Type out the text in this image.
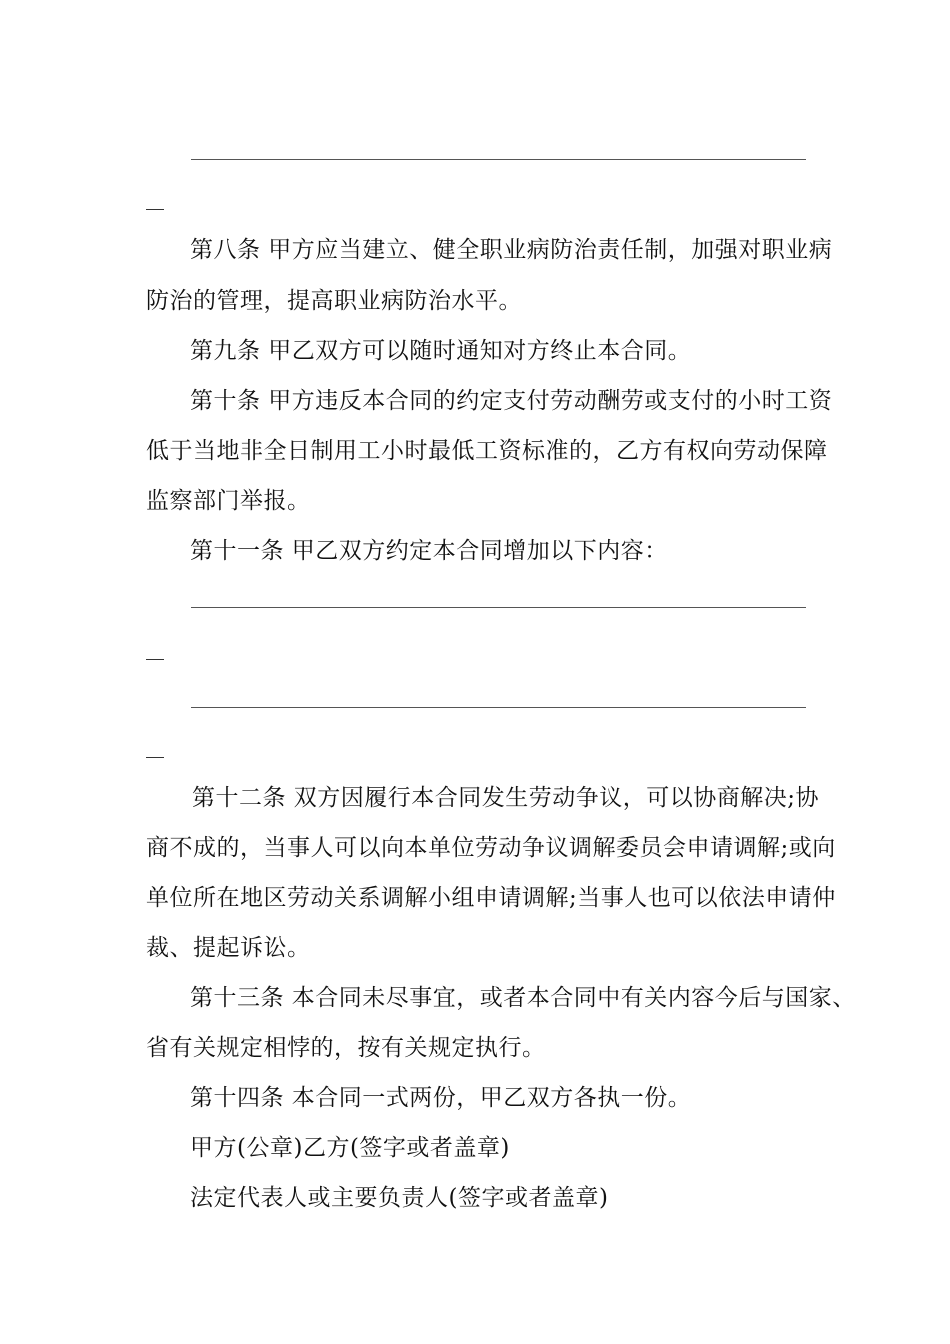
第八条 甲方应当建立、健全职业病防治责任制，加强对职业病
防治的管理，提高职业病防治水平。
第九条 甲乙双方可以随时通知对方终止本合同。
第十条 甲方违反本合同的约定支付劳动酬劳或支付的小时工资
低于当地非全日制用工小时最低工资标准的，乙方有权向劳动保障
监察部门举报。
第十一条 甲乙双方约定本合同增加以下内容：
第十二条 双方因履行本合同发生劳动争议，可以协商解决;协
商不成的，当事人可以向本单位劳动争议调解委员会申请调解;或向
单位所在地区劳动关系调解小组申请调解;当事人也可以依法申请仲
裁、提起诉讼。
第十三条 本合同未尽事宜，或者本合同中有关内容今后与国家、
省有关规定相悖的，按有关规定执行。
第十四条 本合同一式两份，甲乙双方各执一份。
甲方(公章)乙方(签字或者盖章)
法定代表人或主要负责人(签字或者盖章)
